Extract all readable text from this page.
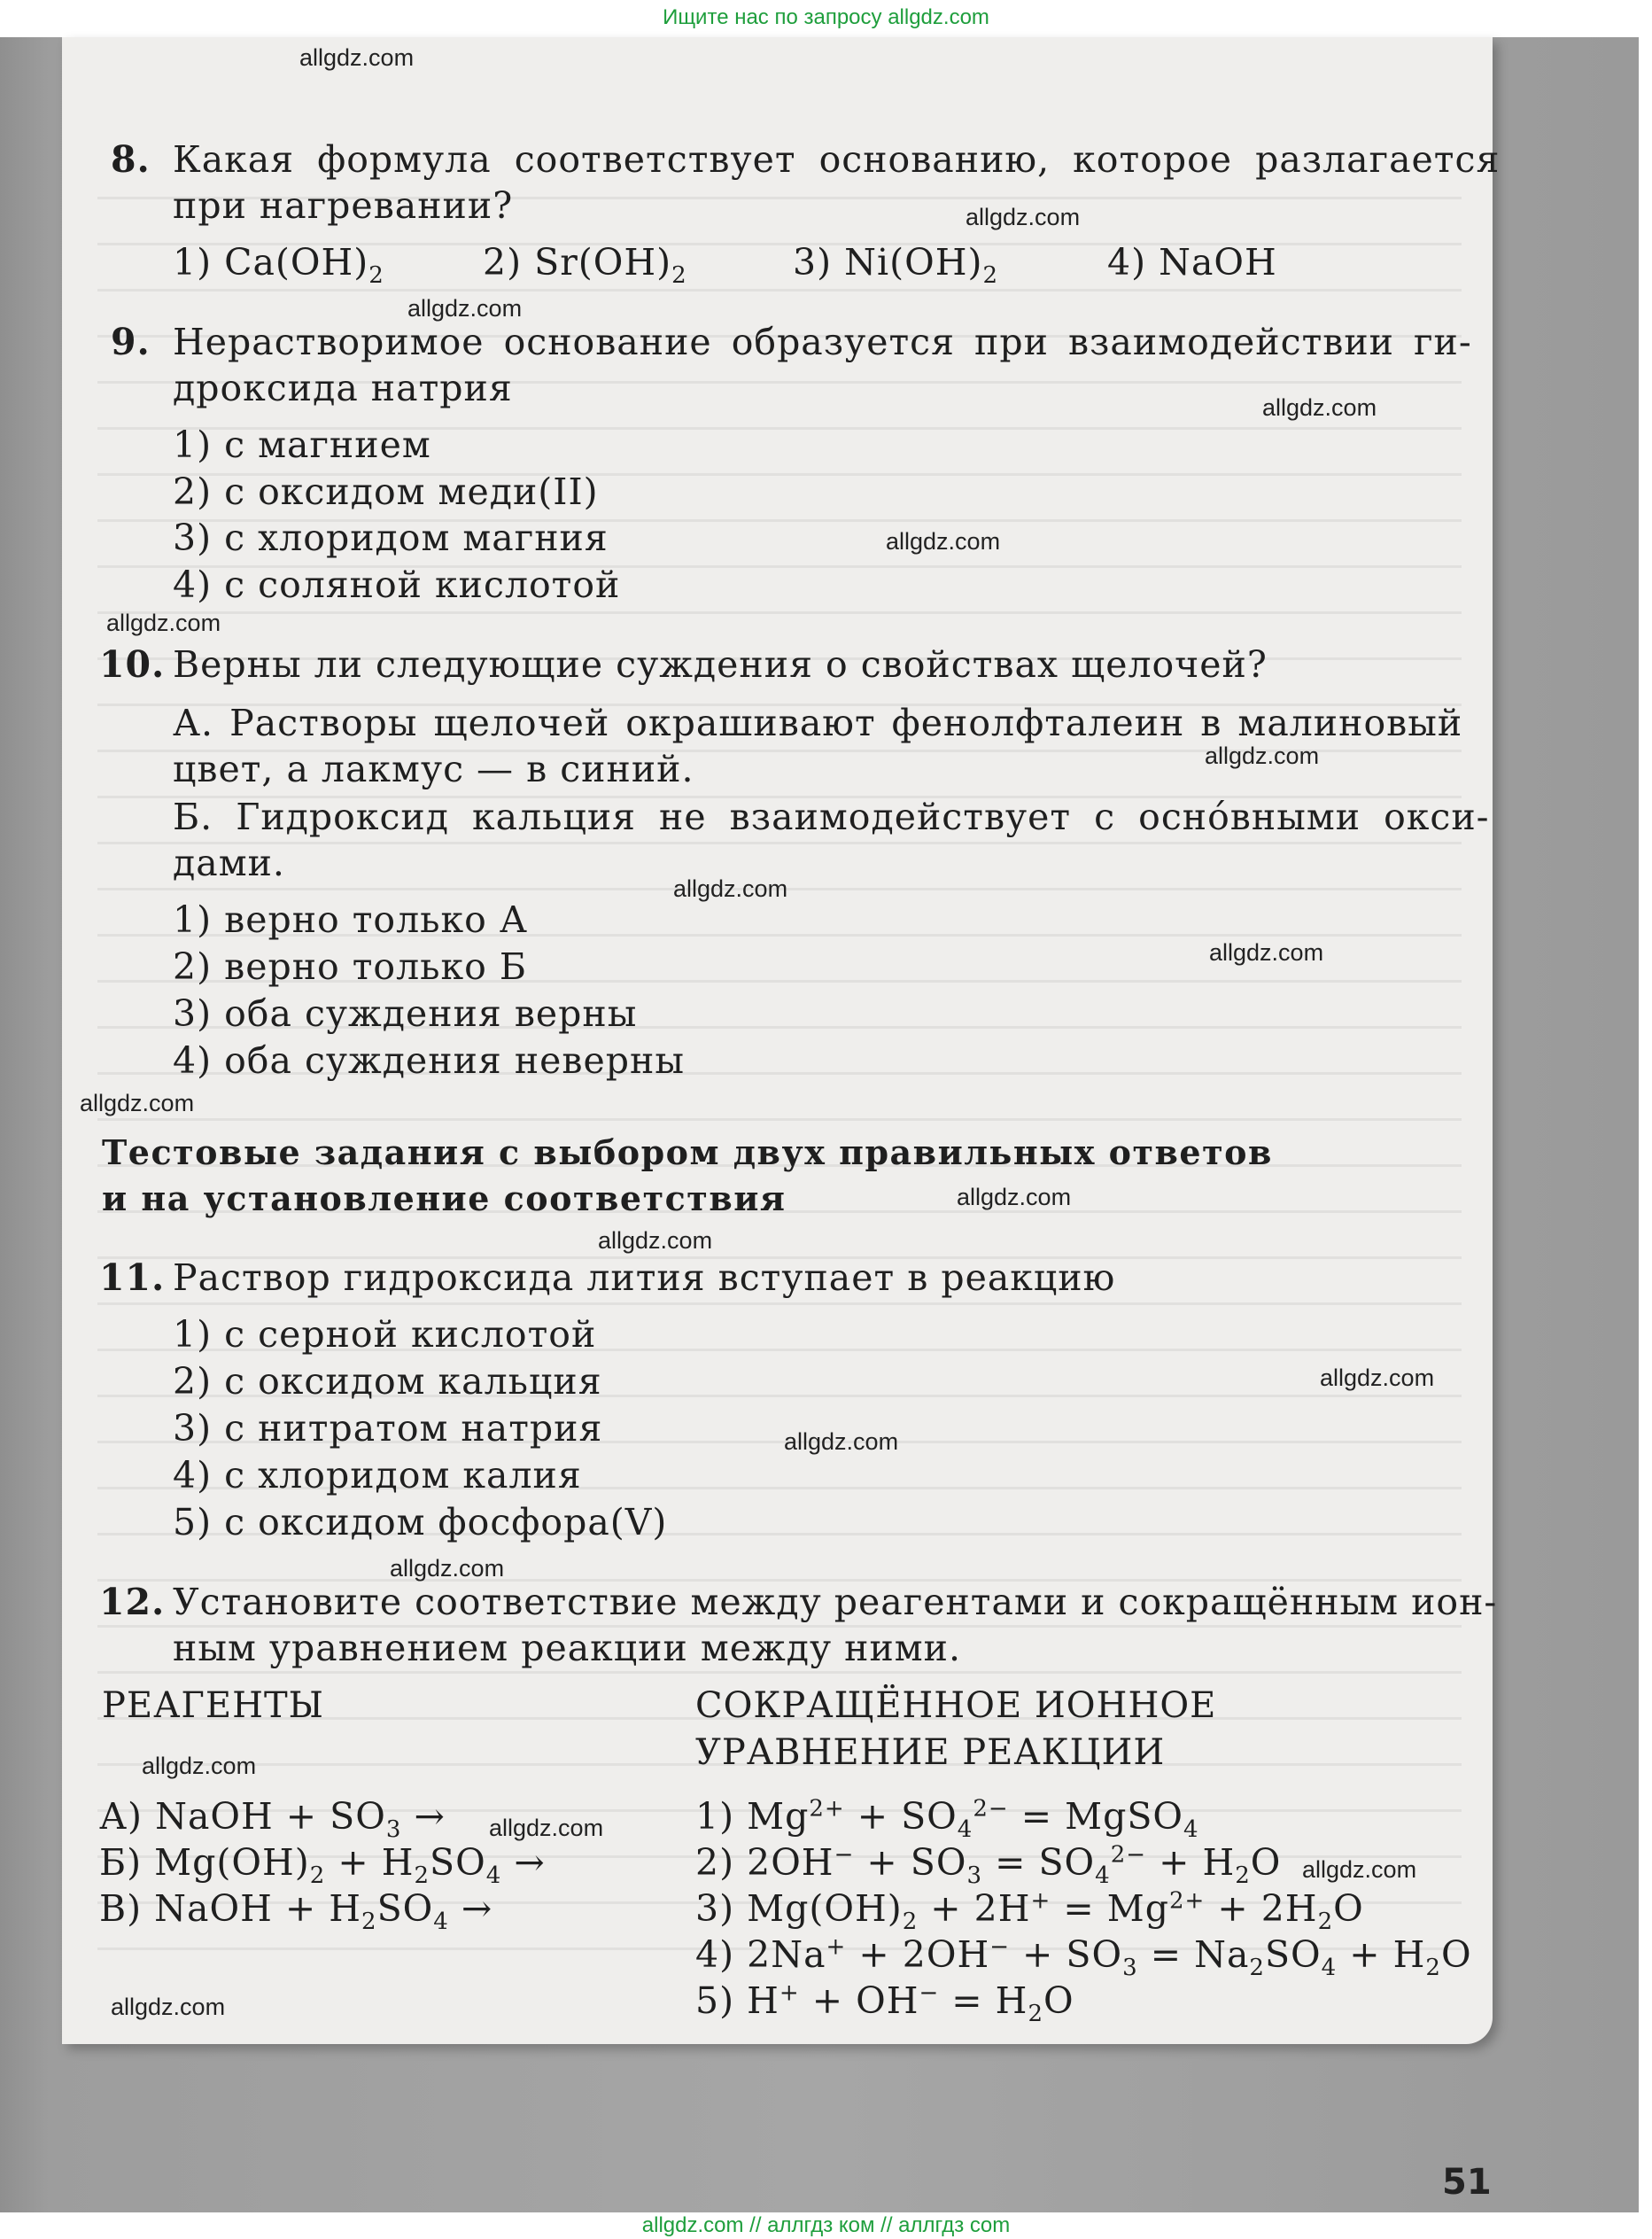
Ищите нас по запросу allgdz.com
8. Какая формула соответствует основанию, которое разлагается
при нагревании?
1) $Ca(OH)_2$	2) $Sr(OH)_2$	3) $Ni(OH)_2$	4) NaOH
9. Нерастворимое основание образуется при взаимодействии ги-
дроксида натрия
1) с магнием
2) с оксидом меди(II)
3) с хлоридом магния
4) с соляной кислотой
10. Верны ли следующие суждения о свойствах щелочей?
А. Растворы щелочей окрашивают фенолфталеин в малиновый
цвет, а лакмус — в синий.
Б. Гидроксид кальция не взаимодействует с осно́вными окси-
дами.
1) верно только А
2) верно только Б
3) оба суждения верны
4) оба суждения неверны
Тестовые задания с выбором двух правильных ответов
и на установление соответствия
11. Раствор гидроксида лития вступает в реакцию
1) с серной кислотой
2) с оксидом кальция
3) с нитратом натрия
4) с хлоридом калия
5) с оксидом фосфора(V)
12. Установите соответствие между реагентами и сокращённым ион-
ным уравнением реакции между ними.
РЕАГЕНТЫ	СОКРАЩЁННОЕ ИОННОЕ
УРАВНЕНИЕ РЕАКЦИИ
А) NaOH + $SO_3$ →
Б) $Mg(OH)_2 + H_2SO_4$ →
В) NaOH + $H_2SO_4$ →
1) $Mg^{2+} + SO_4^{2-}$ = MgSO$_4$
2) $2OH^- + SO_3 = SO_4^{2-} + H_2O$
3) $Mg(OH)_2 + 2H^+ = Mg^{2+} + 2H_2O$
4) $2Na^+ + 2OH^- + SO_3 = Na_2SO_4 + H_2O$
5) $H^+ + OH^- = H_2O$
allgdz.com
allgdz.com
allgdz.com
allgdz.com
allgdz.com
allgdz.com
allgdz.com
allgdz.com
allgdz.com
allgdz.com
allgdz.com
allgdz.com
allgdz.com
allgdz.com
allgdz.com
allgdz.com
allgdz.com
allgdz.com
allgdz.com
51
allgdz.com // аллгдз ком // аллгдз com
